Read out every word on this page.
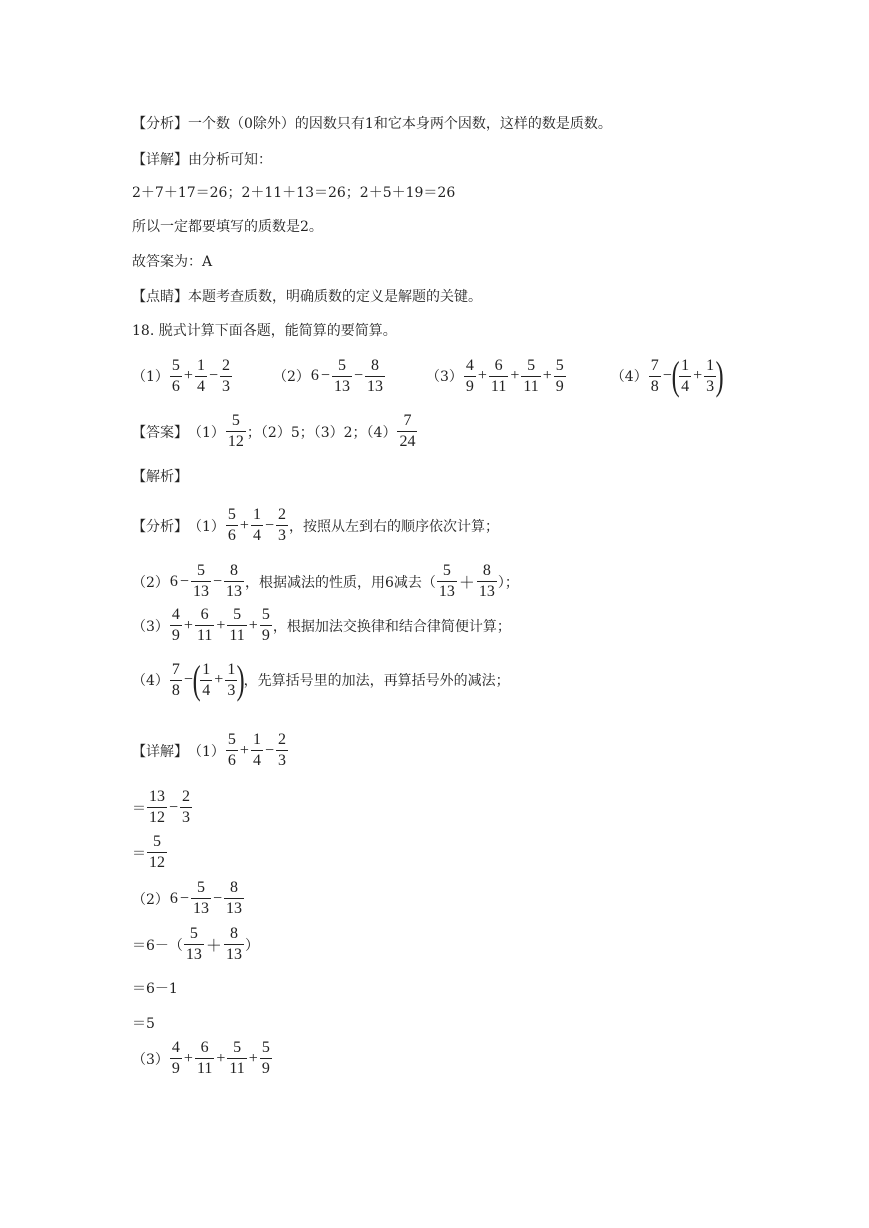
【分析】一个数（0除外）的因数只有1和它本身两个因数，这样的数是质数。
【详解】由分析可知：
2＋7＋17＝26；2＋11＋13＝26；2＋5＋19＝26
所以一定都要填写的质数是2。
故答案为：A
【点睛】本题考查质数，明确质数的定义是解题的关键。
18. 脱式计算下面各题，能简算的要简算。
$(1) \frac{5}{6} + \frac{1}{4} - \frac{2}{3}$	（2） $6 - \frac{5}{13} - \frac{8}{13}$	$(3) \frac{4}{9} + \frac{6}{11} + \frac{5}{11} + \frac{5}{9}$	$(4) \frac{7}{8}$ − ( $\frac{1}{4} + \frac{1}{3}$ )
【答案】 $(1) \frac{5}{12}$ ；（2）5；（3）2；$(4) \frac{7}{24}$
【解析】
【分析】 $(1) \frac{5}{6} + \frac{1}{4} - \frac{2}{3}$ ，按照从左到右的顺序依次计算；
（2） $6 - \frac{5}{13} - \frac{8}{13}$ ，根据减法的性质，用6减去（ $\frac{5}{13} + \frac{8}{13}$ ）；
$(3) \frac{4}{9} + \frac{6}{11} + \frac{5}{11} + \frac{5}{9}$ ，根据加法交换律和结合律简便计算；
$(4) \frac{7}{8}$ − ( $\frac{1}{4} + \frac{1}{3}$ )
，先算括号里的加法，再算括号外的减法；
【详解】 $(1) \frac{5}{6} + \frac{1}{4} - \frac{2}{3}$
＝ $\frac{13}{12} - \frac{2}{3}$
＝ $\frac{5}{12}$
（2） $6 - \frac{5}{13} - \frac{8}{13}$
$=6-( \frac{5}{13} + \frac{8}{13}$ ）
＝6－1
＝5
$(3) \frac{4}{9} + \frac{6}{11} + \frac{5}{11} + \frac{5}{9}$
